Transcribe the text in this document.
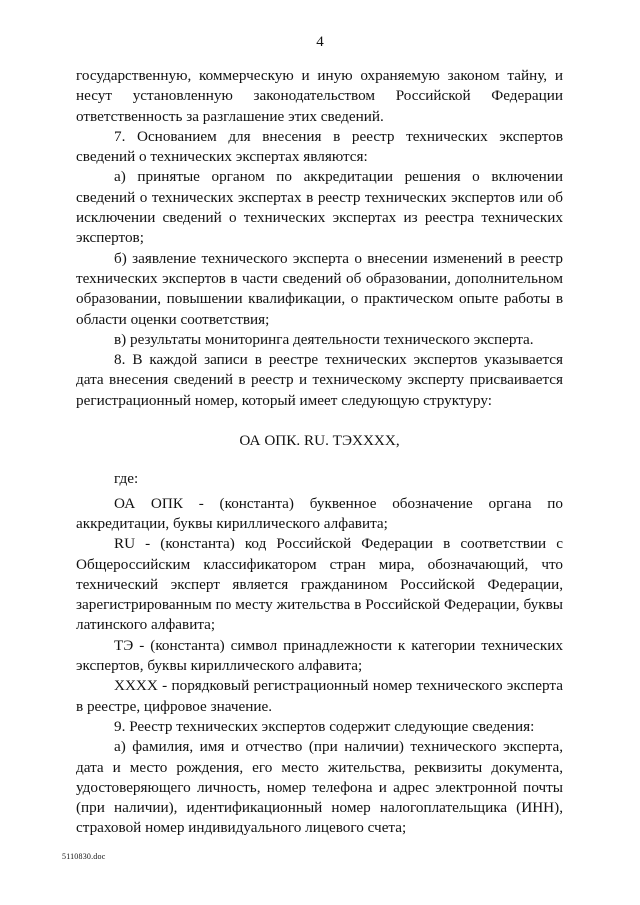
4

государственную, коммерческую и иную охраняемую законом тайну, и несут установленную законодательством Российской Федерации ответственность за разглашение этих сведений.

7. Основанием для внесения в реестр технических экспертов сведений о технических экспертах являются:

а) принятые органом по аккредитации решения о включении сведений о технических экспертах в реестр технических экспертов или об исключении сведений о технических экспертах из реестра технических экспертов;

б) заявление технического эксперта о внесении изменений в реестр технических экспертов в части сведений об образовании, дополнительном образовании, повышении квалификации, о практическом опыте работы в области оценки соответствия;

в) результаты мониторинга деятельности технического эксперта.

8. В каждой записи в реестре технических экспертов указывается дата внесения сведений в реестр и техническому эксперту присваивается регистрационный номер, который имеет следующую структуру:

ОА ОПК. RU. ТЭXXXX,

где:

ОА ОПК - (константа) буквенное обозначение органа по аккредитации, буквы кириллического алфавита;

RU - (константа) код Российской Федерации в соответствии с Общероссийским классификатором стран мира, обозначающий, что технический эксперт является гражданином Российской Федерации, зарегистрированным по месту жительства в Российской Федерации, буквы латинского алфавита;

ТЭ - (константа) символ принадлежности к категории технических экспертов, буквы кириллического алфавита;

XXXX - порядковый регистрационный номер технического эксперта в реестре, цифровое значение.

9. Реестр технических экспертов содержит следующие сведения:

а) фамилия, имя и отчество (при наличии) технического эксперта, дата и место рождения, его место жительства, реквизиты документа, удостоверяющего личность, номер телефона и адрес электронной почты (при наличии), идентификационный номер налогоплательщика (ИНН), страховой номер индивидуального лицевого счета;

5110830.doc
